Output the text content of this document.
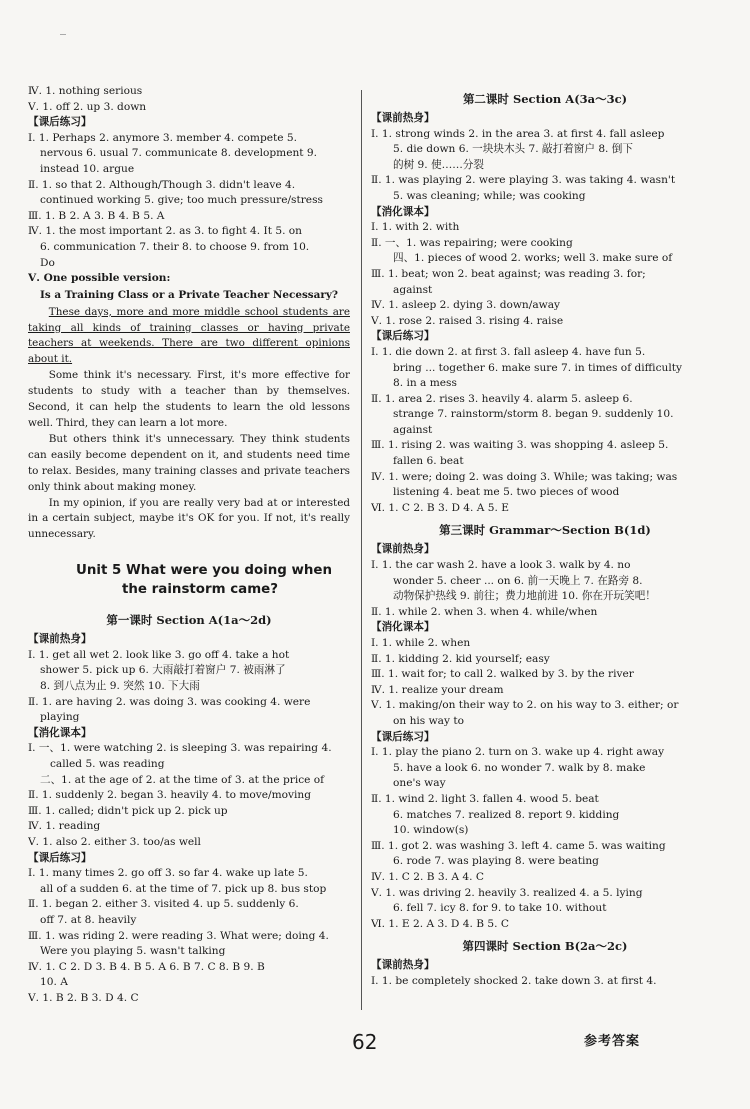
Ⅳ. 1. nothing serious
Ⅴ. 1. off 2. up 3. down
【课后练习】
Ⅰ. 1. Perhaps 2. anymore 3. member 4. compete 5.
nervous 6. usual 7. communicate 8. development 9.
instead 10. argue
Ⅱ. 1. so that 2. Although/Though 3. didn't leave 4.
continued working 5. give; too much pressure/stress
Ⅲ. 1. B 2. A 3. B 4. B 5. A
Ⅳ. 1. the most important 2. as 3. to fight 4. It 5. on
6. communication 7. their 8. to choose 9. from 10.
Do
Ⅴ. One possible version:
Is a Training Class or a Private Teacher Necessary?
These days, more and more middle school students are taking all kinds of training classes or having private teachers at weekends. There are two different opinions about it.
Some think it's necessary. First, it's more effective for students to study with a teacher than by themselves. Second, it can help the students to learn the old lessons well. Third, they can learn a lot more.
But others think it's unnecessary. They think students can easily become dependent on it, and students need time to relax. Besides, many training classes and private teachers only think about making money.
In my opinion, if you are really very bad at or interested in a certain subject, maybe it's OK for you. If not, it's really unnecessary.
Unit 5 What were you doing when
the rainstorm came?
第一课时 Section A(1a～2d)
【课前热身】
Ⅰ. 1. get all wet 2. look like 3. go off 4. take a hot
shower 5. pick up 6. 大雨敲打着窗户 7. 被雨淋了
8. 到八点为止 9. 突然 10. 下大雨
Ⅱ. 1. are having 2. was doing 3. was cooking 4. were
playing
【消化课本】
Ⅰ. 一、1. were watching 2. is sleeping 3. was repairing 4.
called 5. was reading
二、1. at the age of 2. at the time of 3. at the price of
Ⅱ. 1. suddenly 2. began 3. heavily 4. to move/moving
Ⅲ. 1. called; didn't pick up 2. pick up
Ⅳ. 1. reading
Ⅴ. 1. also 2. either 3. too/as well
【课后练习】
Ⅰ. 1. many times 2. go off 3. so far 4. wake up late 5.
all of a sudden 6. at the time of 7. pick up 8. bus stop
Ⅱ. 1. began 2. either 3. visited 4. up 5. suddenly 6.
off 7. at 8. heavily
Ⅲ. 1. was riding 2. were reading 3. What were; doing 4.
Were you playing 5. wasn't talking
Ⅳ. 1. C 2. D 3. B 4. B 5. A 6. B 7. C 8. B 9. B
10. A
Ⅴ. 1. B 2. B 3. D 4. C
第二课时 Section A(3a～3c)
【课前热身】
Ⅰ. 1. strong winds 2. in the area 3. at first 4. fall asleep
5. die down 6. 一块块木头 7. 敲打着窗户 8. 倒下
的树 9. 使……分裂
Ⅱ. 1. was playing 2. were playing 3. was taking 4. wasn't
5. was cleaning; while; was cooking
【消化课本】
Ⅰ. 1. with 2. with
Ⅱ. 一、1. was repairing; were cooking
四、1. pieces of wood 2. works; well 3. make sure of
Ⅲ. 1. beat; won 2. beat against; was reading 3. for;
against
Ⅳ. 1. asleep 2. dying 3. down/away
Ⅴ. 1. rose 2. raised 3. rising 4. raise
【课后练习】
Ⅰ. 1. die down 2. at first 3. fall asleep 4. have fun 5.
bring ... together 6. make sure 7. in times of difficulty
8. in a mess
Ⅱ. 1. area 2. rises 3. heavily 4. alarm 5. asleep 6.
strange 7. rainstorm/storm 8. began 9. suddenly 10.
against
Ⅲ. 1. rising 2. was waiting 3. was shopping 4. asleep 5.
fallen 6. beat
Ⅳ. 1. were; doing 2. was doing 3. While; was taking; was
listening 4. beat me 5. two pieces of wood
Ⅵ. 1. C 2. B 3. D 4. A 5. E
第三课时 Grammar～Section B(1d)
【课前热身】
Ⅰ. 1. the car wash 2. have a look 3. walk by 4. no
wonder 5. cheer ... on 6. 前一天晚上 7. 在路旁 8.
动物保护热线 9. 前往；费力地前进 10. 你在开玩笑吧！
Ⅱ. 1. while 2. when 3. when 4. while/when
【消化课本】
Ⅰ. 1. while 2. when
Ⅱ. 1. kidding 2. kid yourself; easy
Ⅲ. 1. wait for; to call 2. walked by 3. by the river
Ⅳ. 1. realize your dream
Ⅴ. 1. making/on their way to 2. on his way to 3. either; or
on his way to
【课后练习】
Ⅰ. 1. play the piano 2. turn on 3. wake up 4. right away
5. have a look 6. no wonder 7. walk by 8. make
one's way
Ⅱ. 1. wind 2. light 3. fallen 4. wood 5. beat
6. matches 7. realized 8. report 9. kidding
10. window(s)
Ⅲ. 1. got 2. was washing 3. left 4. came 5. was waiting
6. rode 7. was playing 8. were beating
Ⅳ. 1. C 2. B 3. A 4. C
Ⅴ. 1. was driving 2. heavily 3. realized 4. a 5. lying
6. fell 7. icy 8. for 9. to take 10. without
Ⅵ. 1. E 2. A 3. D 4. B 5. C
第四课时 Section B(2a～2c)
【课前热身】
Ⅰ. 1. be completely shocked 2. take down 3. at first 4.
62	参考答案
